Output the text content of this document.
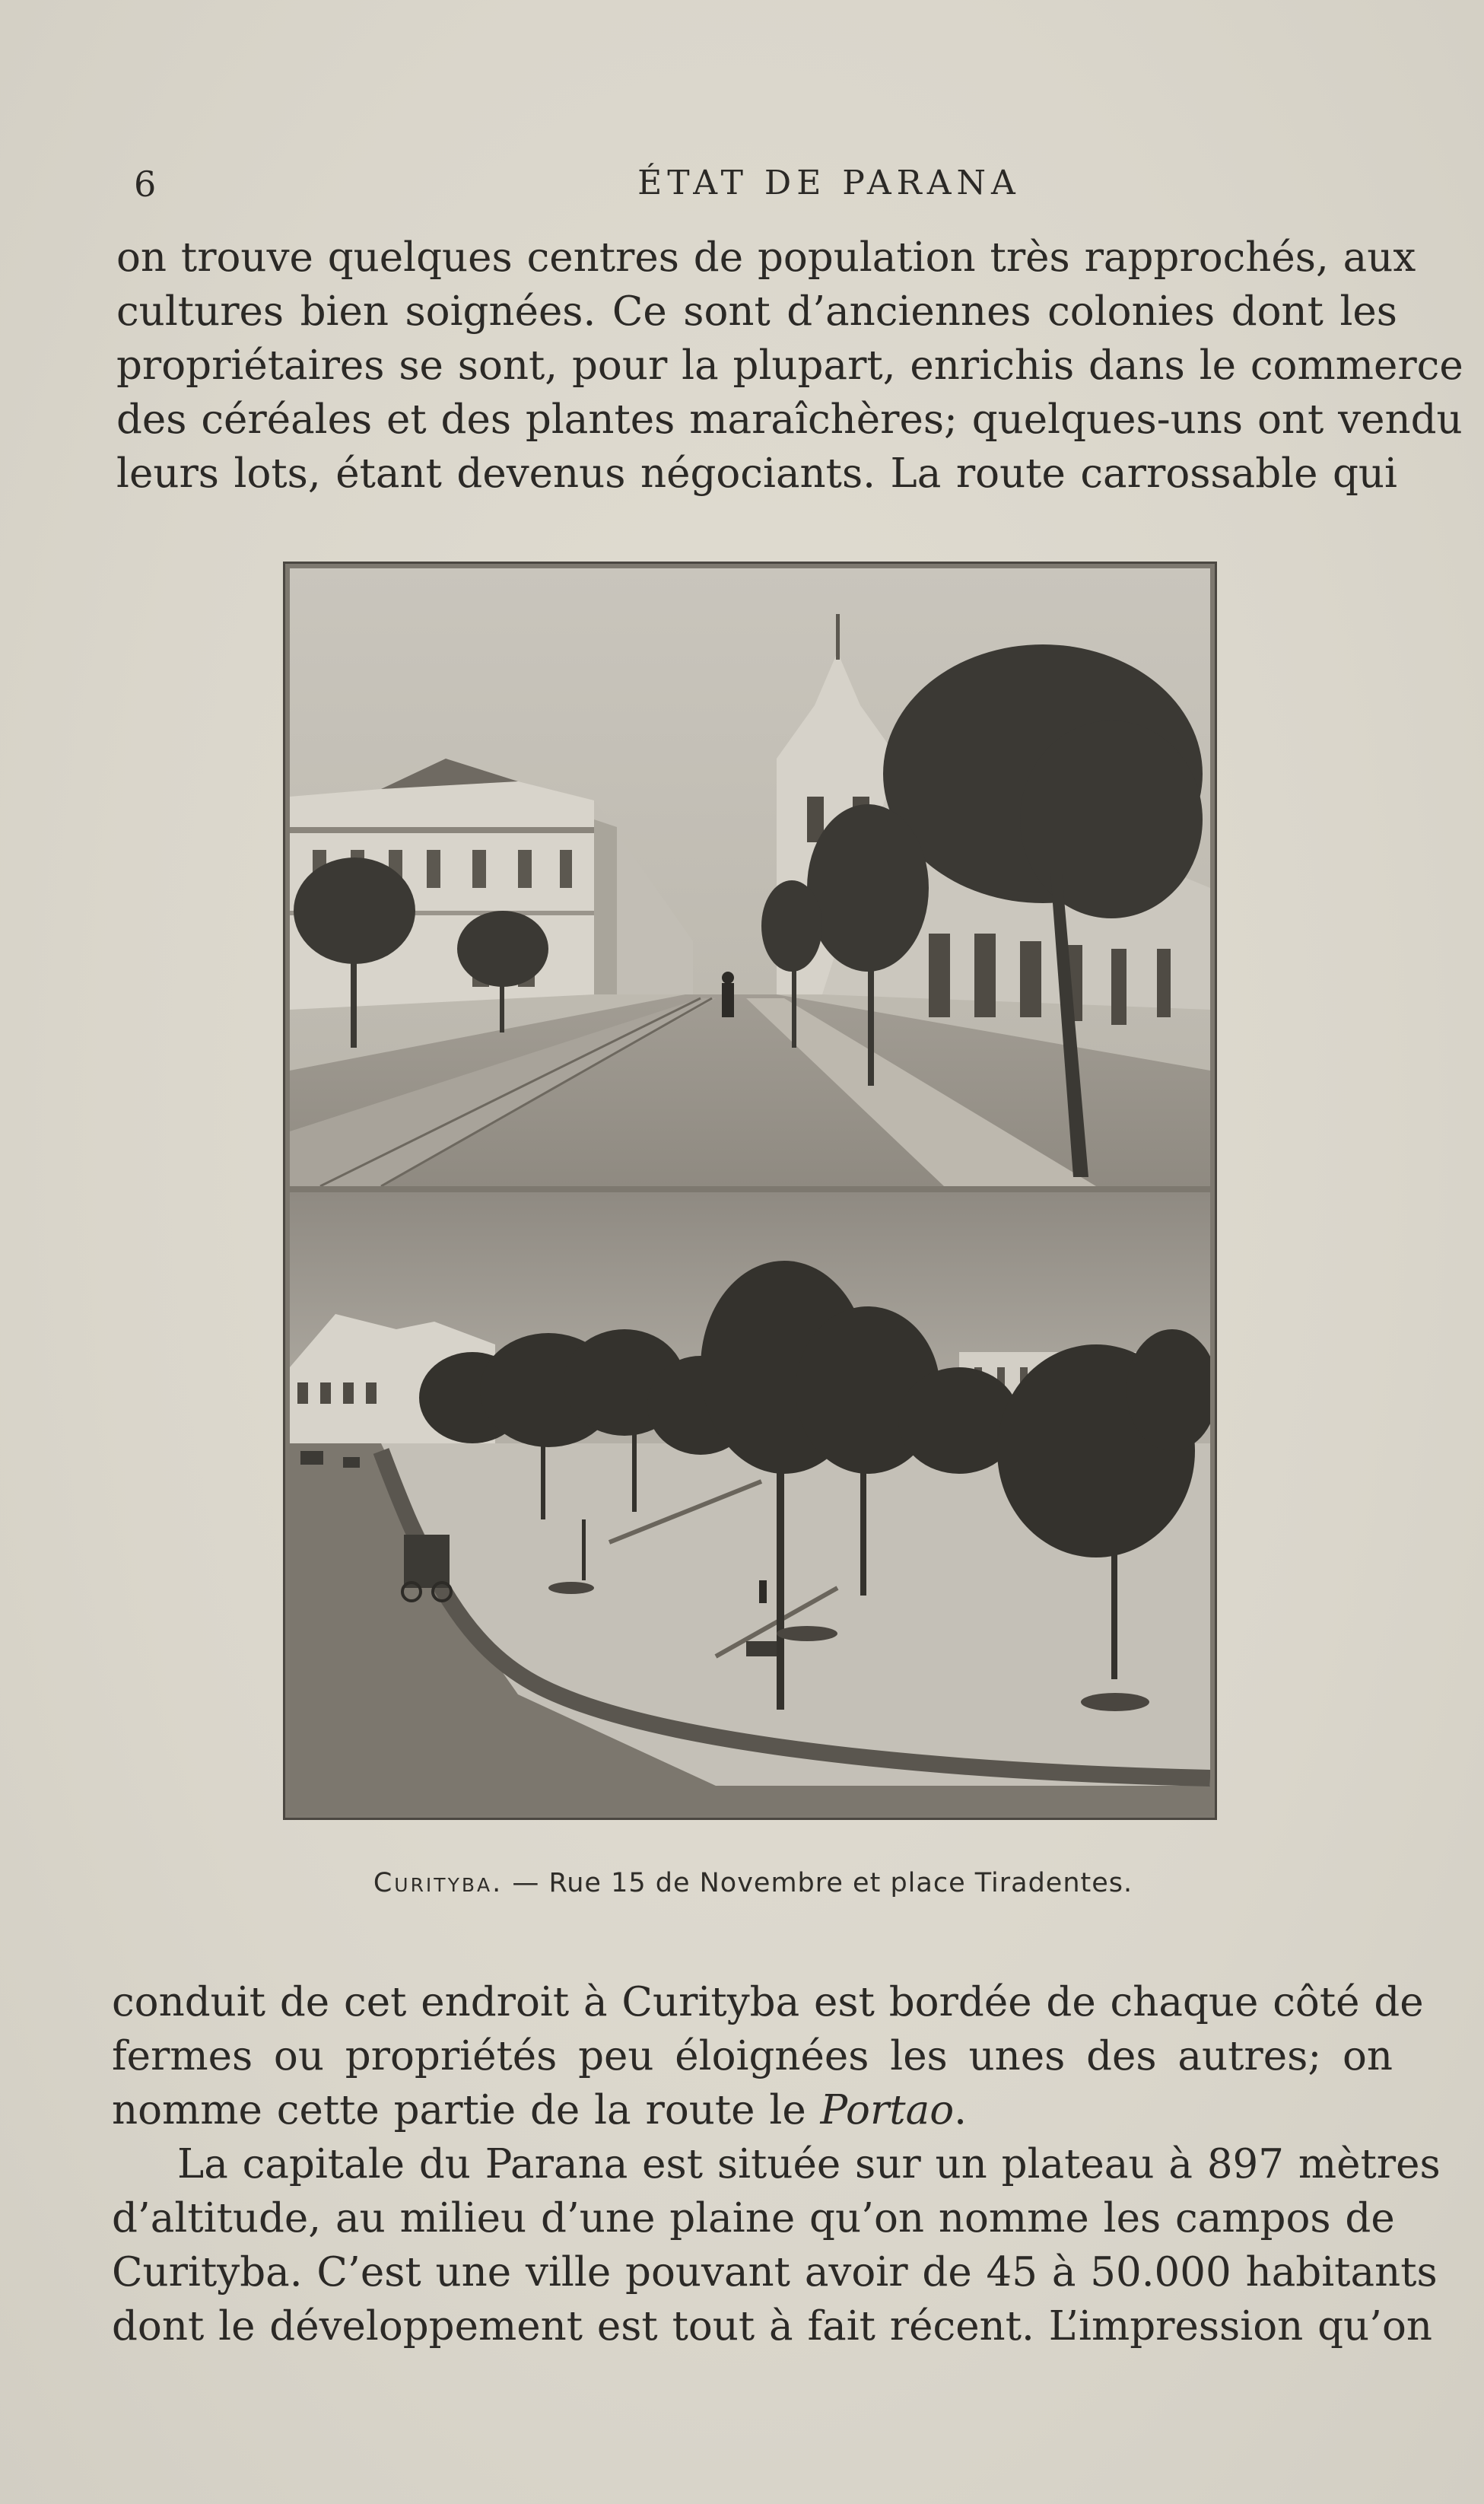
6	ÉTAT DE PARANA

on trouve quelques centres de population très rapprochés, aux
cultures bien soignées. Ce sont d’anciennes colonies dont les
propriétaires se sont, pour la plupart, enrichis dans le commerce
des céréales et des plantes maraîchères; quelques-uns ont vendu
leurs lots, étant devenus négociants. La route carrossable qui

Curityba. — Rue 15 de Novembre et place Tiradentes.

conduit de cet endroit à Curityba est bordée de chaque côté de
fermes ou propriétés peu éloignées les unes des autres; on
nomme cette partie de la route le Portao.

La capitale du Parana est située sur un plateau à 897 mètres
d’altitude, au milieu d’une plaine qu’on nomme les campos de
Curityba. C’est une ville pouvant avoir de 45 à 50.000 habitants
dont le développement est tout à fait récent. L’impression qu’on
